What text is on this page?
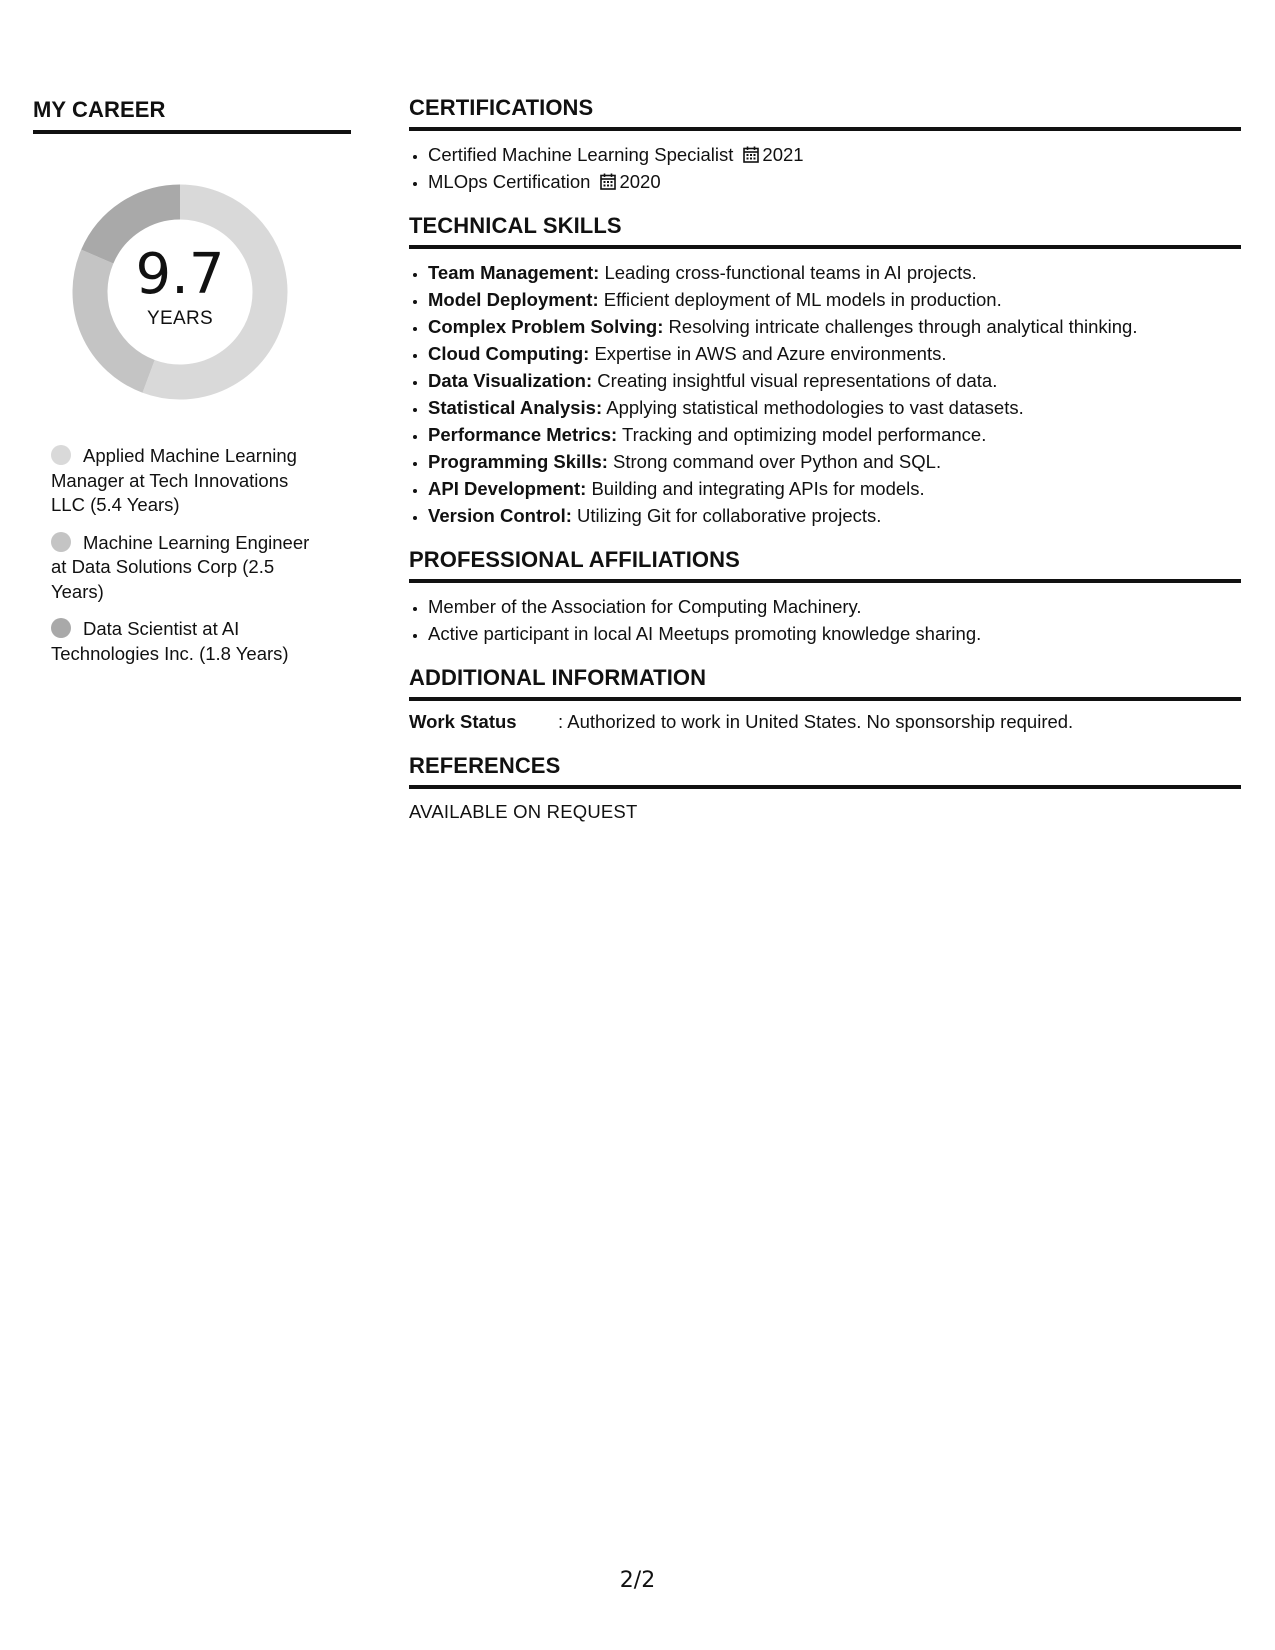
MY CAREER
9.7
YEARS
Applied Machine Learning Manager at Tech Innovations LLC (5.4 Years)
Machine Learning Engineer at Data Solutions Corp (2.5 Years)
Data Scientist at AI Technologies Inc. (1.8 Years)
CERTIFICATIONS
• Certified Machine Learning Specialist 2021
• MLOps Certification 2020
TECHNICAL SKILLS
• Team Management: Leading cross-functional teams in AI projects.
• Model Deployment: Efficient deployment of ML models in production.
• Complex Problem Solving: Resolving intricate challenges through analytical thinking.
• Cloud Computing: Expertise in AWS and Azure environments.
• Data Visualization: Creating insightful visual representations of data.
• Statistical Analysis: Applying statistical methodologies to vast datasets.
• Performance Metrics: Tracking and optimizing model performance.
• Programming Skills: Strong command over Python and SQL.
• API Development: Building and integrating APIs for models.
• Version Control: Utilizing Git for collaborative projects.
PROFESSIONAL AFFILIATIONS
• Member of the Association for Computing Machinery.
• Active participant in local AI Meetups promoting knowledge sharing.
ADDITIONAL INFORMATION
Work Status	: Authorized to work in United States. No sponsorship required.
REFERENCES
AVAILABLE ON REQUEST
2/2
